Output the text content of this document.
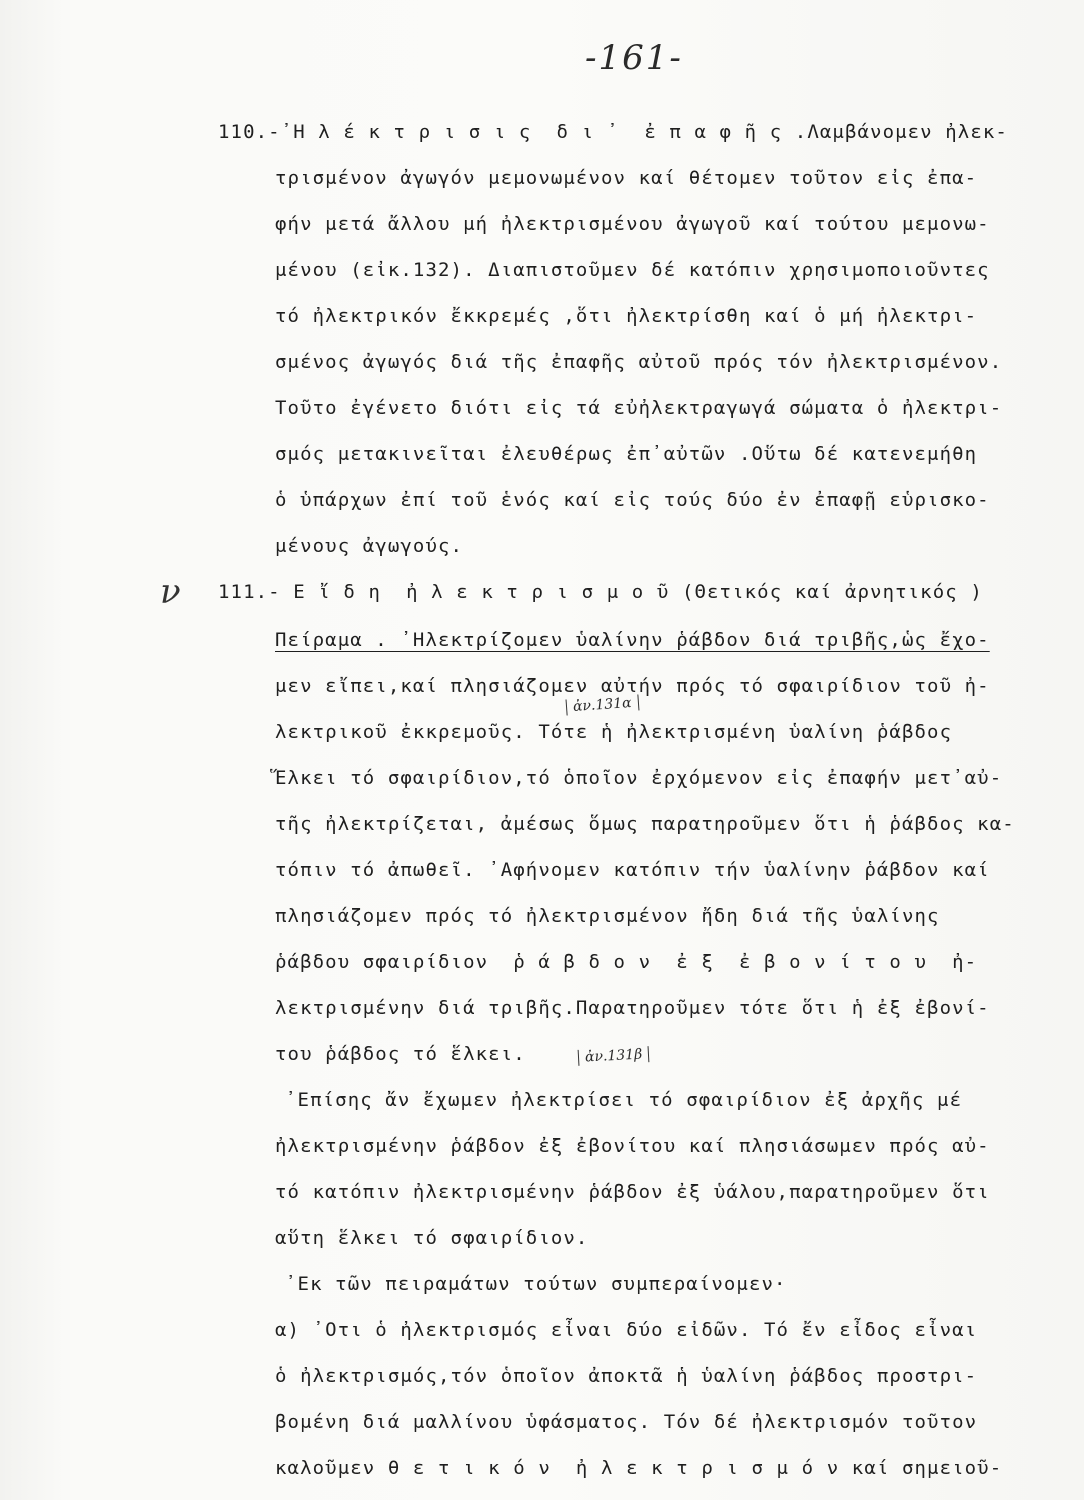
-161-
ν
110.-᾿H λ έ κ τ ρ ι σ ι ς  δ ι ᾿  ἐ π α φ ῆ ς .Λαμβάνομεν ἠλεκ-
τρισμένον ἀγωγόν μεμονωμένον καί θέτομεν τοῦτον εἰς ἐπα-
φήν μετά ἄλλου μή ἠλεκτρισμένου ἀγωγοῦ καί τούτου μεμονω-
μένου (εἰκ.132). Διαπιστοῦμεν δέ κατόπιν χρησιμοποιοῦντες
τό ἠλεκτρικόν ἔκκρεμές ,ὅτι ἠλεκτρίσθη καί ὁ μή ἠλεκτρι-
σμένος ἀγωγός διά τῆς ἐπαφῆς αὐτοῦ πρός τόν ἠλεκτρισμένον.
Τοῦτο ἐγένετο διότι εἰς τά εὐἠλεκτραγωγά σώματα ὁ ἠλεκτρι-
σμός μετακινεῖται ἐλευθέρως ἐπ᾿αὐτῶν .Οὕτω δέ κατενεμήθη
ὁ ὑπάρχων ἐπί τοῦ ἑνός καί εἰς τούς δύο ἐν ἐπαφῇ εὑρισκο-
μένους ἀγωγούς.
111.- Ε ἴ δ η  ἠ λ ε κ τ ρ ι σ μ ο ῦ (Θετικός καί ἀρνητικός )
Πείραμα . ᾿Ηλεκτρίζομεν ὑαλίνην ῥάβδον διά τριβῆς,ὡς ἔχο-
μεν εἴπει,καί πλησιάζομεν αὐτήν πρός τό σφαιρίδιον τοῦ ἠ-
λεκτρικοῦ ἐκκρεμοῦς. Τότε ἡ ἠλεκτρισμένη ὑαλίνη ῥάβδος
Ἕλκει τό σφαιρίδιον,τό ὁποῖον ἐρχόμενον εἰς ἐπαφήν μετ᾿αὐ-
τῆς ἠλεκτρίζεται, ἀμέσως ὅμως παρατηροῦμεν ὅτι ἡ ῥάβδος κα-
τόπιν τό ἀπωθεῖ. ᾿Αφήνομεν κατόπιν τήν ὑαλίνην ῥάβδον καί
πλησιάζομεν πρός τό ἠλεκτρισμένον ἤδη διά τῆς ὑαλίνης
ῥάβδου σφαιρίδιον  ῥ ά β δ ο ν  ἐ ξ  ἐ β ο ν ί τ ο υ  ἠ-
λεκτρισμένην διά τριβῆς.Παρατηροῦμεν τότε ὅτι ἡ ἐξ ἐβονί-
του ῥάβδος τό ἕλκει.
᾿Επίσης ἄν ἔχωμεν ἠλεκτρίσει τό σφαιρίδιον ἐξ ἀρχῆς μέ
ἠλεκτρισμένην ῥάβδον ἐξ ἐβονίτου καί πλησιάσωμεν πρός αὐ-
τό κατόπιν ἠλεκτρισμένην ῥάβδον ἐξ ὑάλου,παρατηροῦμεν ὅτι
αὕτη ἕλκει τό σφαιρίδιον.
᾿Εκ τῶν πειραμάτων τούτων συμπεραίνομεν·
α) ᾿Οτι ὁ ἠλεκτρισμός εἶναι δύο εἰδῶν. Τό ἔν εἶδος εἶναι
ὁ ἠλεκτρισμός,τόν ὁποῖον ἀποκτᾶ ἡ ὑαλίνη ῥάβδος προστρι-
βομένη διά μαλλίνου ὑφάσματος. Τόν δέ ἠλεκτρισμόν τοῦτον
καλοῦμεν θ ε τ ι κ ό ν  ἠ λ ε κ τ ρ ι σ μ ό ν καί σημειοῦ-
ἀν.131α
ἀν.131β
